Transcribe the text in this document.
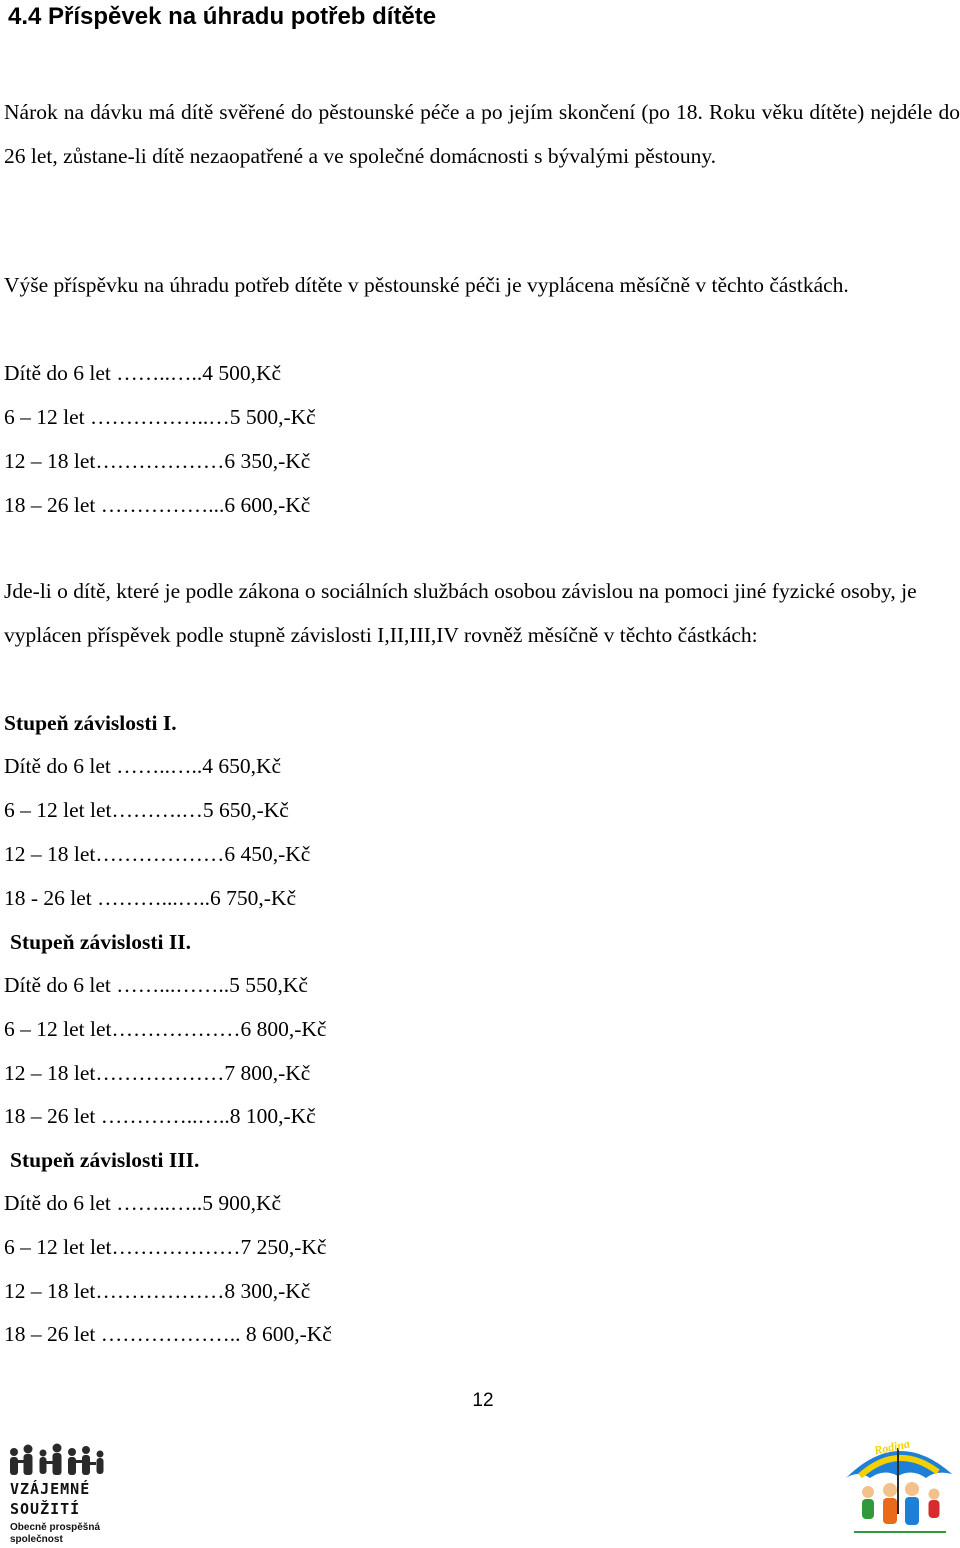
4.4 Příspěvek na úhradu potřeb dítěte

Nárok na dávku má dítě svěřené do pěstounské péče a po jejím skončení (po 18. Roku věku dítěte) nejdéle do 26 let, zůstane-li dítě nezaopatřené a ve společné domácnosti s bývalými pěstouny.

Výše příspěvku na úhradu potřeb dítěte v pěstounské péči je vyplácena měsíčně v těchto částkách.

Dítě do 6 let ……..…..4 500,Kč
6 – 12 let ……………..…5 500,-Kč
12 – 18 let………………6 350,-Kč
18 – 26 let ……………...6 600,-Kč

Jde-li o dítě, které je podle zákona o sociálních službách osobou závislou na pomoci jiné fyzické osoby, je vyplácen příspěvek podle stupně závislosti I,II,III,IV rovněž měsíčně v těchto částkách:

Stupeň závislosti I.
Dítě do 6 let ……..…..4 650,Kč
6 – 12 let let……….…5 650,-Kč
12 – 18 let………………6 450,-Kč
18 - 26 let ………...…..6 750,-Kč
Stupeň závislosti II.
Dítě do 6 let ……...……..5 550,Kč
6 – 12 let let………………6 800,-Kč
12 – 18 let………………7 800,-Kč
18 – 26 let …………..…..8 100,-Kč
Stupeň závislosti III.
Dítě do 6 let ……..…..5 900,Kč
6 – 12 let let………………7 250,-Kč
12 – 18 let………………8 300,-Kč
18 – 26 let ……………….. 8 600,-Kč
12
VZÁJEMNÉ
SOUŽITÍ
Obecně prospěšná
společnost
Rodina
